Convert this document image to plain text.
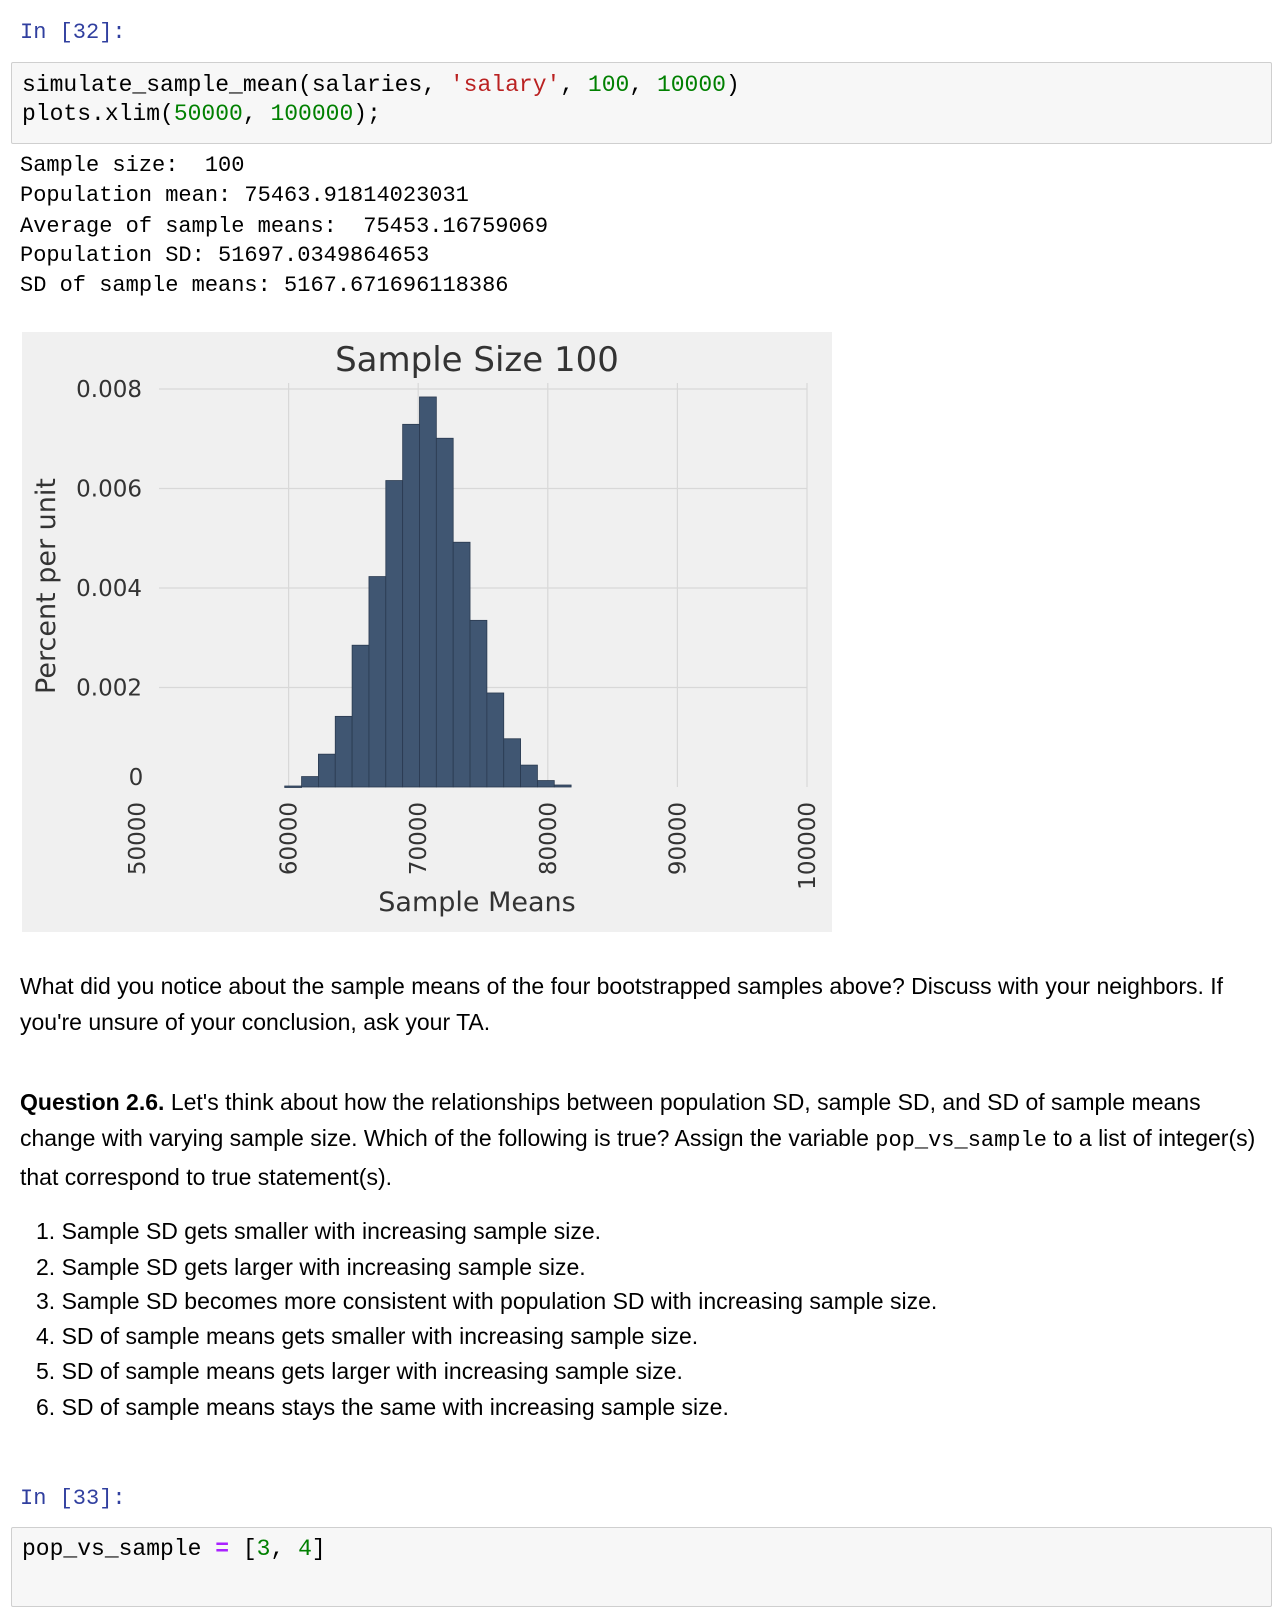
In [32]:
simulate_sample_mean(salaries, 'salary', 100, 10000)
plots.xlim(50000, 100000);
Sample size:  100
Population mean: 75463.91814023031
Average of sample means:  75453.16759069
Population SD: 51697.0349864653
SD of sample means: 5167.671696118386
0
0.002
0.004
0.006
0.008
50000	60000	70000	80000	90000	100000
Sample Size 100
Sample Means
Percent per unit
What did you notice about the sample means of the four bootstrapped samples above? Discuss with your neighbors. If you're unsure of your conclusion, ask your TA.
Question 2.6. Let's think about how the relationships between population SD, sample SD, and SD of sample means change with varying sample size. Which of the following is true? Assign the variable pop_vs_sample to a list of integer(s) that correspond to true statement(s).
1. Sample SD gets smaller with increasing sample size.
2. Sample SD gets larger with increasing sample size.
3. Sample SD becomes more consistent with population SD with increasing sample size.
4. SD of sample means gets smaller with increasing sample size.
5. SD of sample means gets larger with increasing sample size.
6. SD of sample means stays the same with increasing sample size.
In [33]:
pop_vs_sample = [3, 4]
